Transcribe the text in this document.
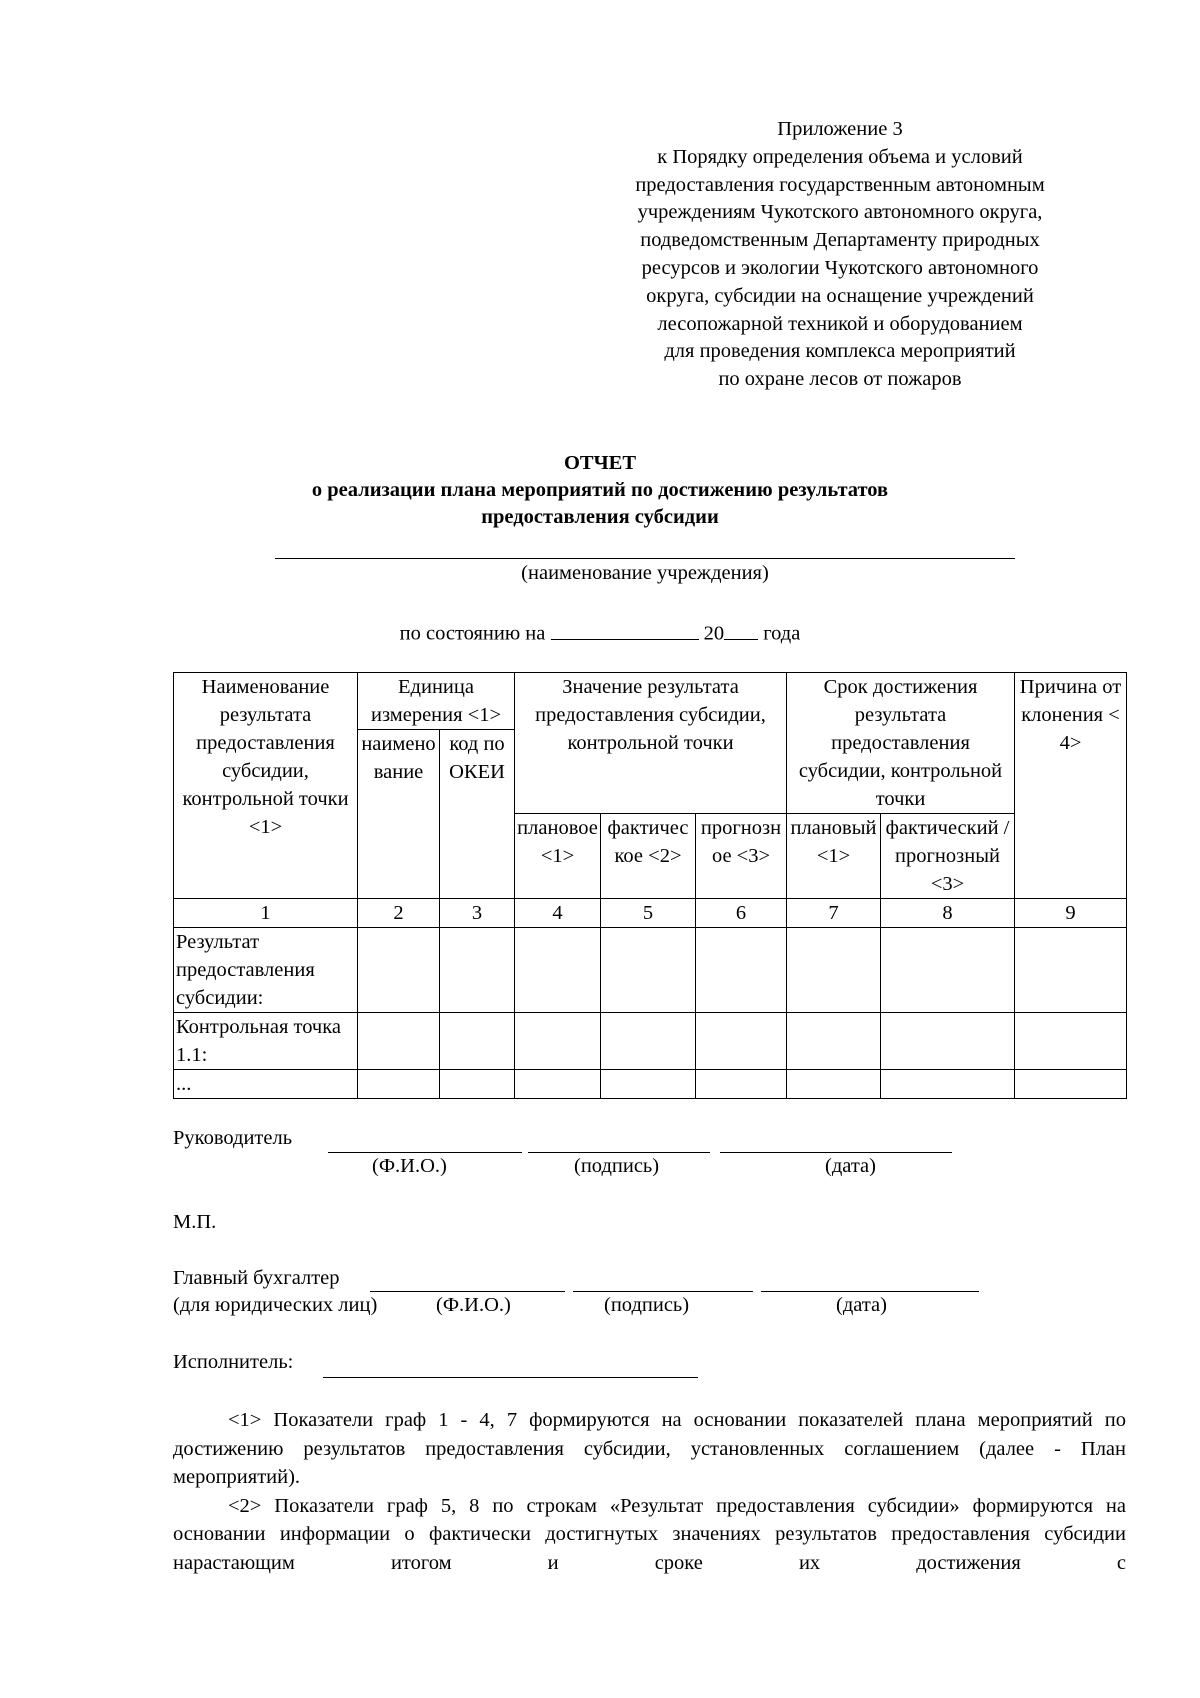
Приложение 3
к Порядку определения объема и условий
предоставления государственным автономным
учреждениям Чукотского автономного округа,
подведомственным Департаменту природных
ресурсов и экологии Чукотского автономного
округа, субсидии на оснащение учреждений
лесопожарной техникой и оборудованием
для проведения комплекса мероприятий
по охране лесов от пожаров
ОТЧЕТ
о реализации плана мероприятий по достижению результатов
предоставления субсидии
(наименование учреждения)
по состоянию на	20 года
Наименование результата предоставления субсидии, контрольной точки <1>	Единица измерения <1>		Значение результата предоставления субсидии, контрольной точки			Срок достижения результата предоставления субсидии, контрольной точки		Причина отклонения <4>
	наименование	код по ОКЕИ						
			плановое <1>	фактическое <2>	прогнозное <3>	плановый <1>	фактический /прогнозный <3>	
1	2	3	4	5	6	7	8	9
Результат предоставления субсидии:								
Контрольная точка 1.1:								
...								
Руководитель
(Ф.И.О.)	(подпись)	(дата)
М.П.
Главный бухгалтер
(для юридических лиц)	(Ф.И.О.)	(подпись)	(дата)
Исполнитель:

<1> Показатели граф 1 - 4, 7 формируются на основании показателей плана мероприятий по достижению результатов предоставления субсидии, установленных соглашением (далее - План мероприятий).

<2> Показатели граф 5, 8 по строкам «Результат предоставления субсидии» формируются на основании информации о фактически достигнутых значениях результатов предоставления субсидии нарастающим итогом и сроке их достижения с
